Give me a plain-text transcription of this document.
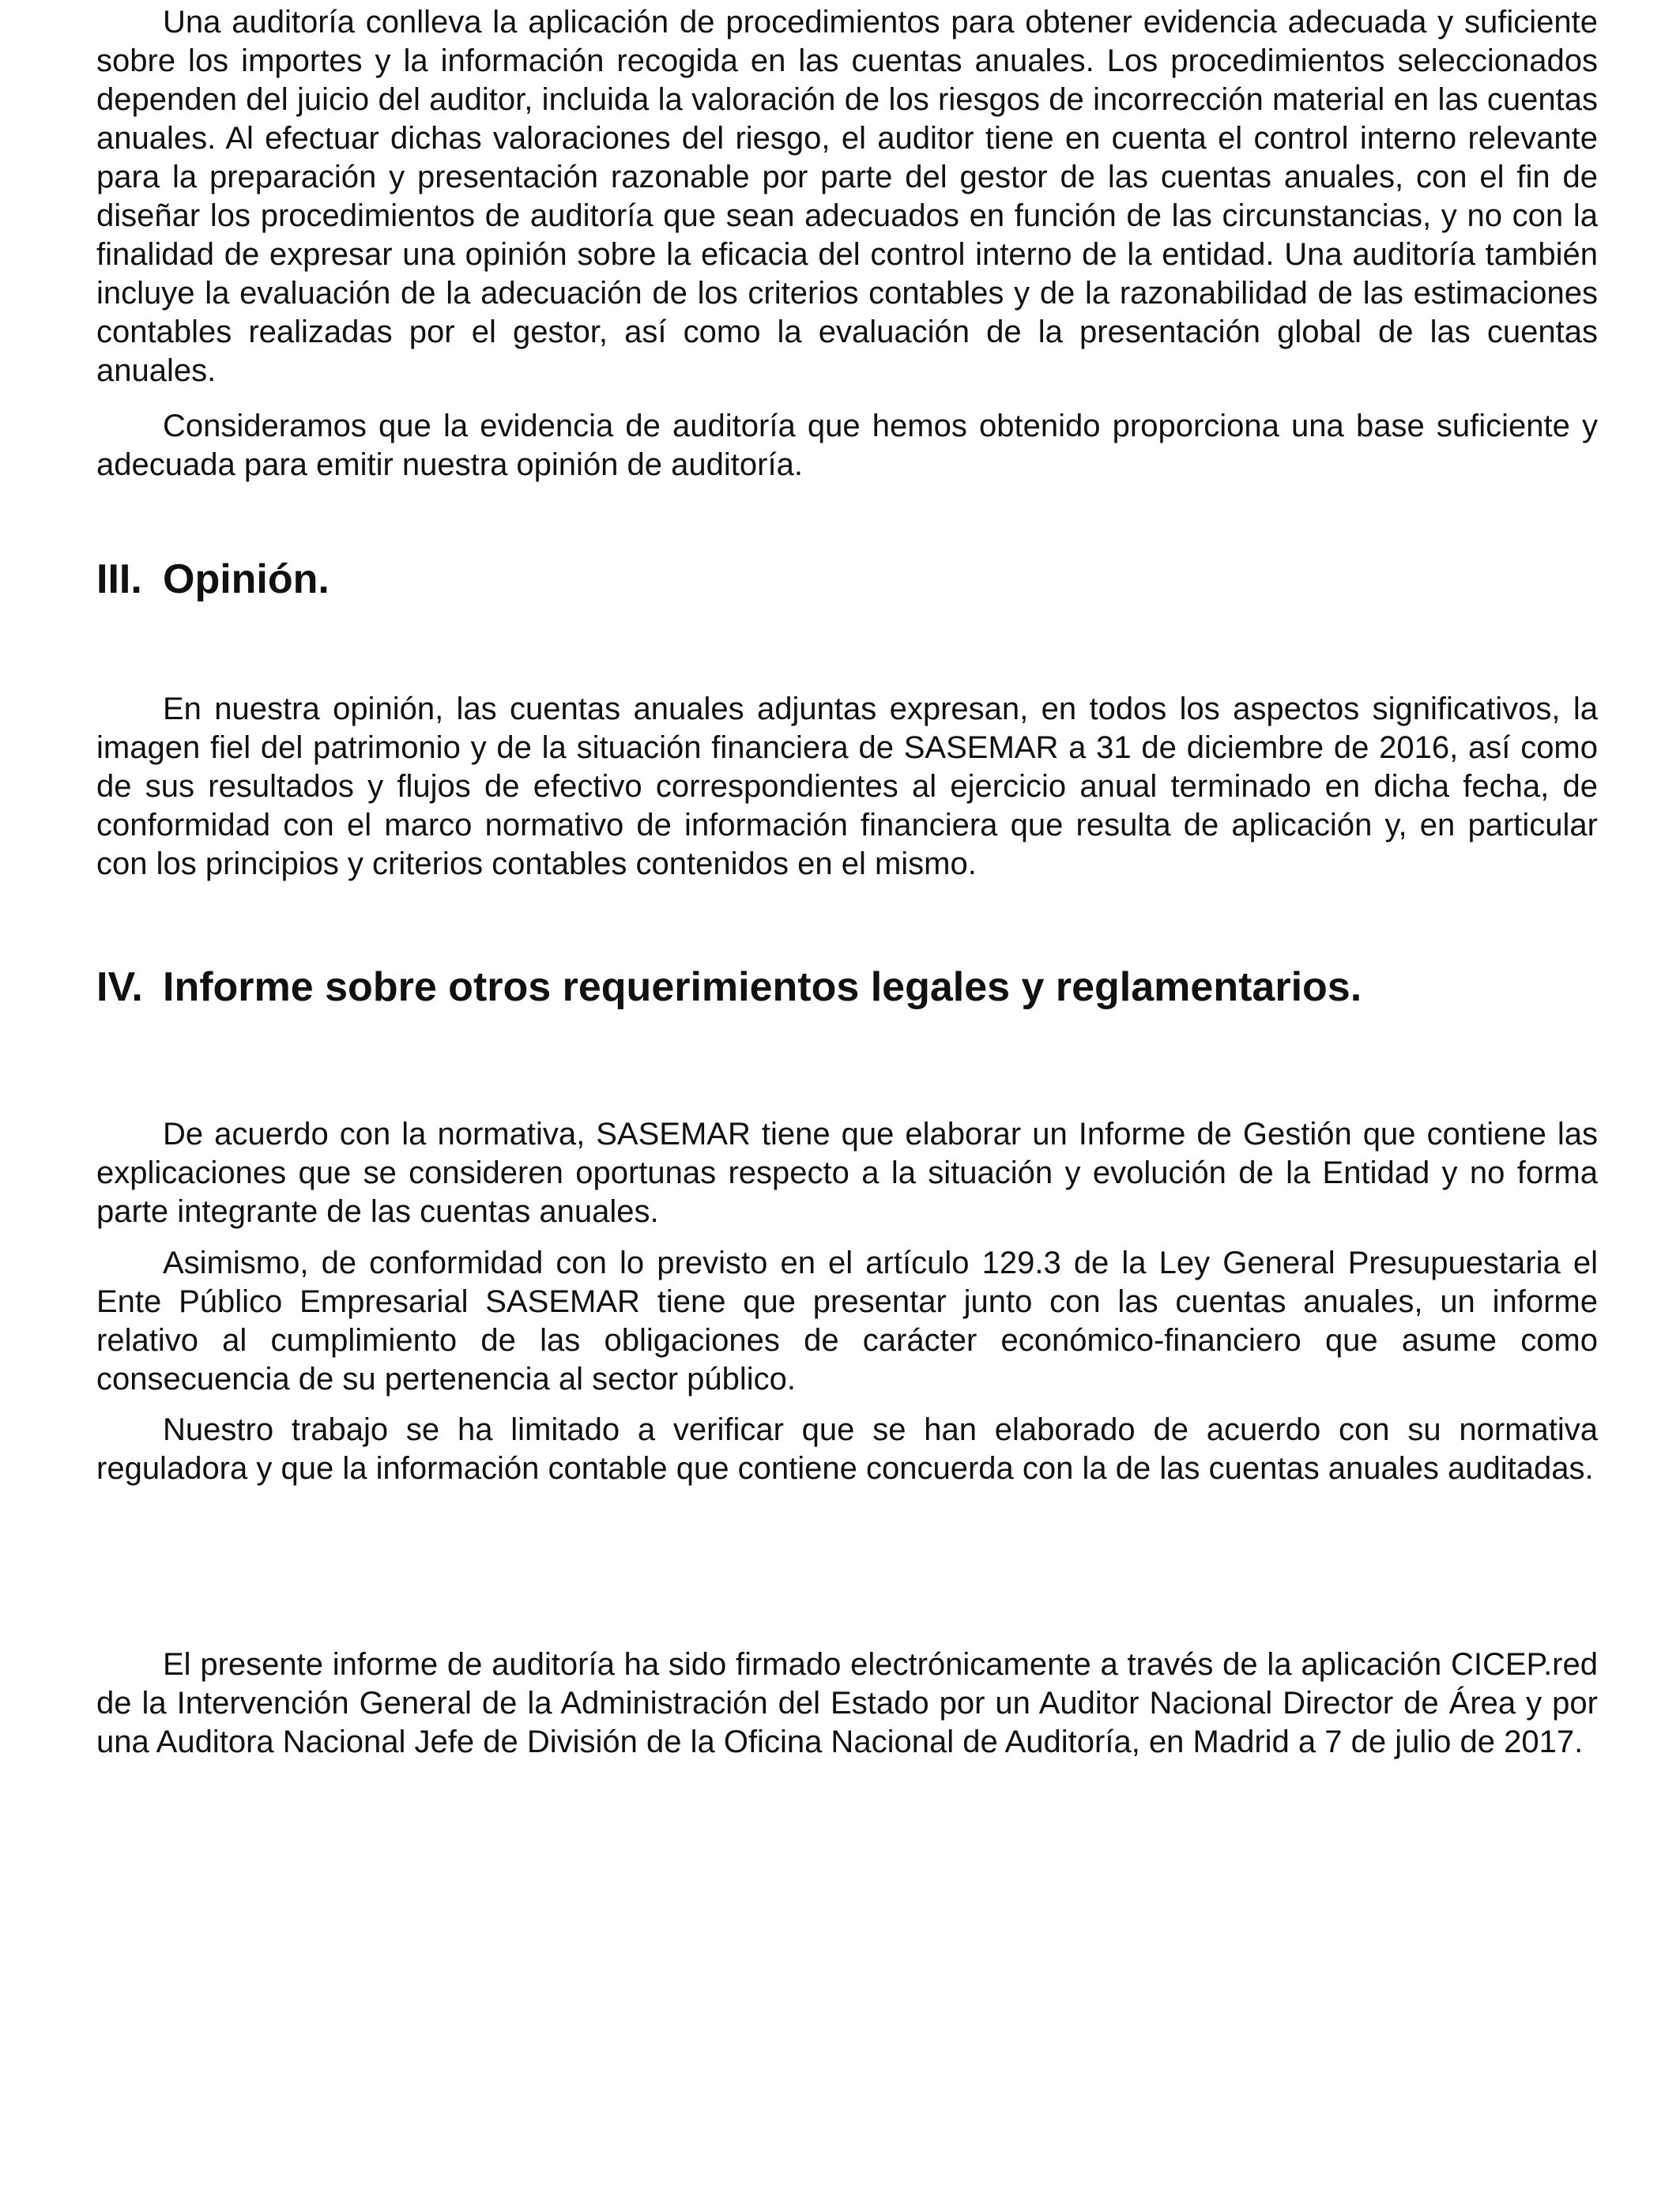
Una auditoría conlleva la aplicación de procedimientos para obtener evidencia adecuada y suficiente sobre los importes y la información recogida en las cuentas anuales. Los procedimientos seleccionados dependen del juicio del auditor, incluida la valoración de los riesgos de incorrección material en las cuentas anuales. Al efectuar dichas valoraciones del riesgo, el auditor tiene en cuenta el control interno relevante para la preparación y presentación razonable por parte del gestor de las cuentas anuales, con el fin de diseñar los procedimientos de auditoría que sean adecuados en función de las circunstancias, y no con la finalidad de expresar una opinión sobre la eficacia del control interno de la entidad. Una auditoría también incluye la evaluación de la adecuación de los criterios contables y de la razonabilidad de las estimaciones contables realizadas por el gestor, así como la evaluación de la presentación global de las cuentas anuales.

Consideramos que la evidencia de auditoría que hemos obtenido proporciona una base suficiente y adecuada para emitir nuestra opinión de auditoría.

III. Opinión.

En nuestra opinión, las cuentas anuales adjuntas expresan, en todos los aspectos significativos, la imagen fiel del patrimonio y de la situación financiera de SASEMAR a 31 de diciembre de 2016, así como de sus resultados y flujos de efectivo correspondientes al ejercicio anual terminado en dicha fecha, de conformidad con el marco normativo de información financiera que resulta de aplicación y, en particular con los principios y criterios contables contenidos en el mismo.

IV. Informe sobre otros requerimientos legales y reglamentarios.

De acuerdo con la normativa, SASEMAR tiene que elaborar un Informe de Gestión que contiene las explicaciones que se consideren oportunas respecto a la situación y evolución de la Entidad y no forma parte integrante de las cuentas anuales.

Asimismo, de conformidad con lo previsto en el artículo 129.3 de la Ley General Presupuestaria el Ente Público Empresarial SASEMAR tiene que presentar junto con las cuentas anuales, un informe relativo al cumplimiento de las obligaciones de carácter económico-financiero que asume como consecuencia de su pertenencia al sector público.

Nuestro trabajo se ha limitado a verificar que se han elaborado de acuerdo con su normativa reguladora y que la información contable que contiene concuerda con la de las cuentas anuales auditadas.

El presente informe de auditoría ha sido firmado electrónicamente a través de la aplicación CICEP.red de la Intervención General de la Administración del Estado por un Auditor Nacional Director de Área y por una Auditora Nacional Jefe de División de la Oficina Nacional de Auditoría, en Madrid a 7 de julio de 2017.
